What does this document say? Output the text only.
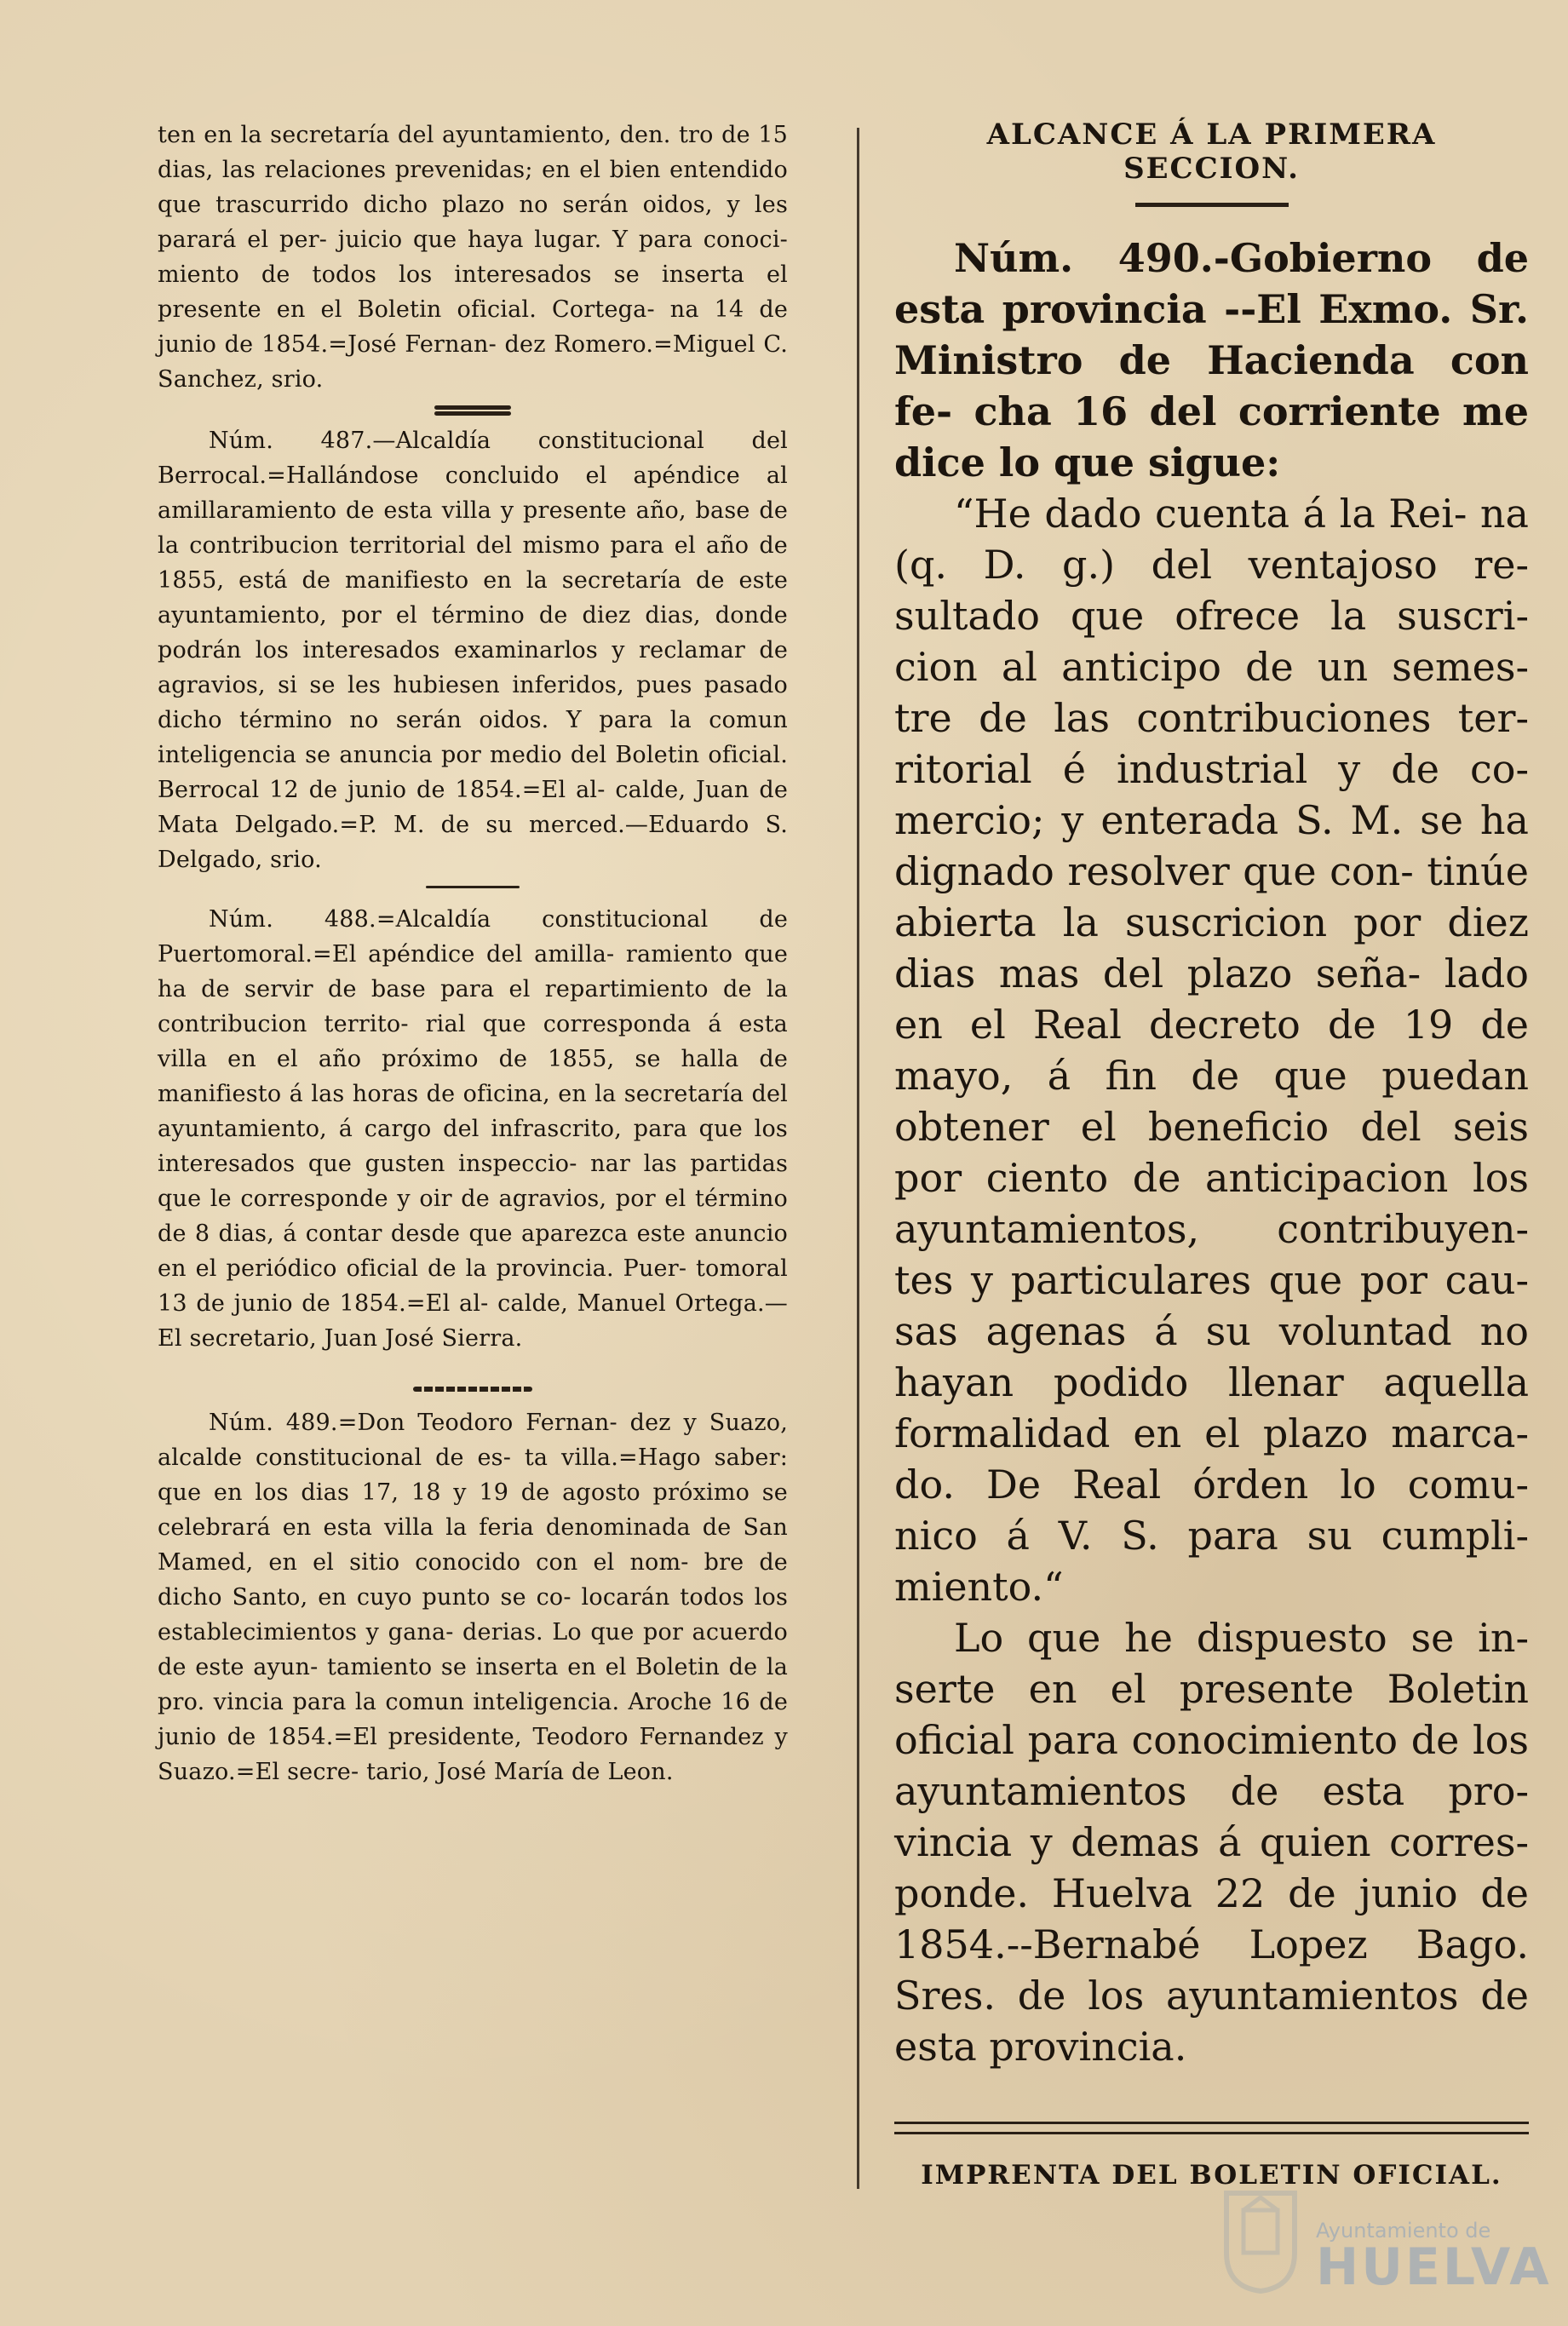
ten en la secretaría del ayuntamiento, den. tro de 15 dias, las relaciones prevenidas; en el bien entendido que trascurrido dicho plazo no serán oidos, y les parará el per- juicio que haya lugar. Y para conoci- miento de todos los interesados se inserta el presente en el Boletin oficial. Cortega- na 14 de junio de 1854.=José Fernan- dez Romero.=Miguel C. Sanchez, srio.

Núm. 487.—Alcaldía constitucional del Berrocal.=Hallándose concluido el apéndice al amillaramiento de esta villa y presente año, base de la contribucion territorial del mismo para el año de 1855, está de manifiesto en la secretaría de este ayuntamiento, por el término de diez dias, donde podrán los interesados examinarlos y reclamar de agravios, si se les hubiesen inferidos, pues pasado dicho término no serán oidos. Y para la comun inteligencia se anuncia por medio del Boletin oficial. Berrocal 12 de junio de 1854.=El al- calde, Juan de Mata Delgado.=P. M. de su merced.—Eduardo S. Delgado, srio.

Núm. 488.=Alcaldía constitucional de Puertomoral.=El apéndice del amilla- ramiento que ha de servir de base para el repartimiento de la contribucion territo- rial que corresponda á esta villa en el año próximo de 1855, se halla de manifiesto á las horas de oficina, en la secretaría del ayuntamiento, á cargo del infrascrito, para que los interesados que gusten inspeccio- nar las partidas que le corresponde y oir de agravios, por el término de 8 dias, á contar desde que aparezca este anuncio en el periódico oficial de la provincia. Puer- tomoral 13 de junio de 1854.=El al- calde, Manuel Ortega.—El secretario, Juan José Sierra.

Núm. 489.=Don Teodoro Fernan- dez y Suazo, alcalde constitucional de es- ta villa.=Hago saber: que en los dias 17, 18 y 19 de agosto próximo se celebrará en esta villa la feria denominada de San Mamed, en el sitio conocido con el nom- bre de dicho Santo, en cuyo punto se co- locarán todos los establecimientos y gana- derias. Lo que por acuerdo de este ayun- tamiento se inserta en el Boletin de la pro. vincia para la comun inteligencia. Aroche 16 de junio de 1854.=El presidente, Teodoro Fernandez y Suazo.=El secre- tario, José María de Leon.

ALCANCE Á LA PRIMERA SECCION.

Núm. 490.-Gobierno de esta provincia --El Exmo. Sr. Ministro de Hacienda con fe- cha 16 del corriente me dice lo que sigue:

“He dado cuenta á la Rei- na (q. D. g.) del ventajoso re- sultado que ofrece la suscri- cion al anticipo de un semes- tre de las contribuciones ter- ritorial é industrial y de co- mercio; y enterada S. M. se ha dignado resolver que con- tinúe abierta la suscricion por diez dias mas del plazo seña- lado en el Real decreto de 19 de mayo, á fin de que puedan obtener el beneficio del seis por ciento de anticipacion los ayuntamientos, contribuyen- tes y particulares que por cau- sas agenas á su voluntad no hayan podido llenar aquella formalidad en el plazo marca- do. De Real órden lo comu- nico á V. S. para su cumpli- miento.“

Lo que he dispuesto se in- serte en el presente Boletin oficial para conocimiento de los ayuntamientos de esta pro- vincia y demas á quien corres- ponde. Huelva 22 de junio de 1854.--Bernabé Lopez Bago. Sres. de los ayuntamientos de esta provincia.

IMPRENTA DEL BOLETIN OFICIAL.
Ayuntamiento de
HUELVA
